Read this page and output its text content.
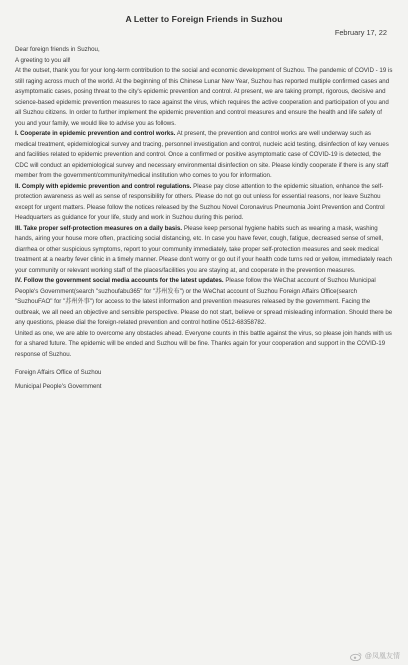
A Letter to Foreign Friends in Suzhou
February 17, 22

Dear foreign friends in Suzhou,

A greeting to you all!

At the outset, thank you for your long-term contribution to the social and economic development of Suzhou. The pandemic of COVID - 19 is still raging across much of the world. At the beginning of this Chinese Lunar New Year, Suzhou has reported multiple confirmed cases and asymptomatic cases, posing threat to the city's epidemic prevention and control. At present, we are taking prompt, rigorous, decisive and science-based epidemic prevention measures to race against the virus, which requires the active cooperation and participation of you and all Suzhou citizens. In order to further implement the epidemic prevention and control measures and ensure the health and life safety of you and your family, we would like to advise you as follows.

I. Cooperate in epidemic prevention and control works. At present, the prevention and control works are well underway such as medical treatment, epidemiological survey and tracing, personnel investigation and control, nucleic acid testing, disinfection of key venues and facilities related to epidemic prevention and control. Once a confirmed or positive asymptomatic case of COVID-19 is detected, the CDC will conduct an epidemiological survey and necessary environmental disinfection on site. Please kindly cooperate if there is any staff member from the government/community/medical institution who comes to you for information.

II. Comply with epidemic prevention and control regulations. Please pay close attention to the epidemic situation, enhance the self-protection awareness as well as sense of responsibility for others. Please do not go out unless for essential reasons, nor leave Suzhou except for urgent matters. Please follow the notices released by the Suzhou Novel Coronavirus Pneumonia Joint Prevention and Control Headquarters as guidance for your life, study and work in Suzhou during this period.

III. Take proper self-protection measures on a daily basis. Please keep personal hygiene habits such as wearing a mask, washing hands, airing your house more often, practicing social distancing, etc. In case you have fever, cough, fatigue, decreased sense of smell, diarrhea or other suspicious symptoms, report to your community immediately, take proper self-protection measures and seek medical treatment at a nearby fever clinic in a timely manner. Please don't worry or go out if your health code turns red or yellow, immediately reach your community or relevant working staff of the places/facilities you are staying at, and cooperate in the prevention measures.

IV. Follow the government social media accounts for the latest updates. Please follow the WeChat account of Suzhou Municipal People's Government(search "suzhoufabu365" for "苏州发布") or the WeChat account of Suzhou Foreign Affairs Office(search "SuzhouFAO" for "苏州外事") for access to the latest information and prevention measures released by the government. Facing the outbreak, we all need an objective and sensible perspective. Please do not start, believe or spread misleading information. Should there be any questions, please dial the foreign-related prevention and control hotline 0512-68358782.

United as one, we are able to overcome any obstacles ahead. Everyone counts in this battle against the virus, so please join hands with us for a shared future. The epidemic will be ended and Suzhou will be fine. Thanks again for your cooperation and support in the COVID-19 response of Suzhou.

Foreign Affairs Office of Suzhou
Municipal People's Government
@凤凰友情
